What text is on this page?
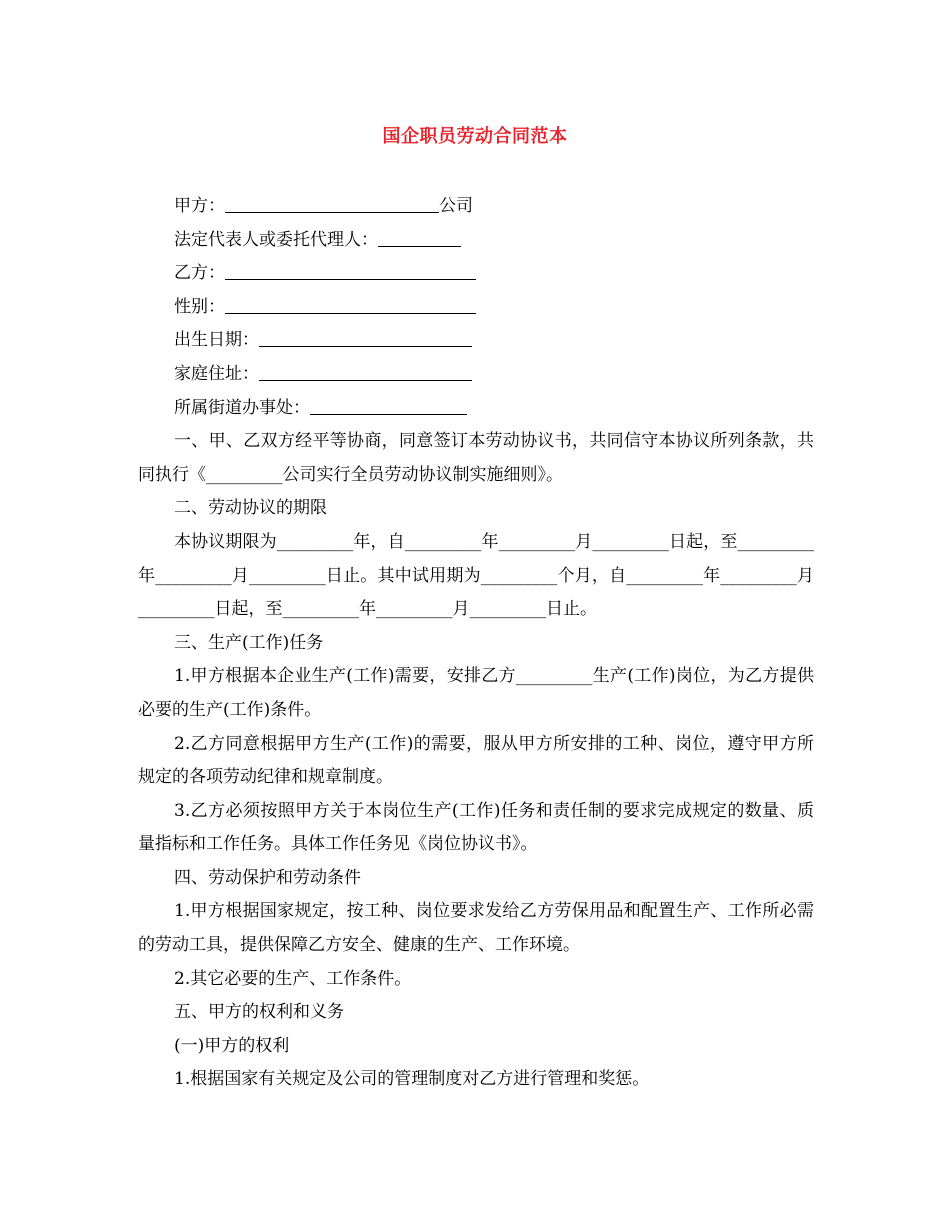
国企职员劳动合同范本

甲方：	公司

法定代表人或委托代理人：

乙方：

性别：

出生日期：

家庭住址：

所属街道办事处：

一、甲、乙双方经平等协商，同意签订本劳动协议书，共同信守本协议所列条款，共同执行《_________公司实行全员劳动协议制实施细则》。

二、劳动协议的期限

本协议期限为_________年，自_________年_________月_________日起，至_________年_________月_________日止。其中试用期为_________个月，自_________年_________月_________日起，至_________年_________月_________日止。

三、生产(工作)任务

1.甲方根据本企业生产(工作)需要，安排乙方_________生产(工作)岗位，为乙方提供必要的生产(工作)条件。

2.乙方同意根据甲方生产(工作)的需要，服从甲方所安排的工种、岗位，遵守甲方所规定的各项劳动纪律和规章制度。

3.乙方必须按照甲方关于本岗位生产(工作)任务和责任制的要求完成规定的数量、质量指标和工作任务。具体工作任务见《岗位协议书》。

四、劳动保护和劳动条件

1.甲方根据国家规定，按工种、岗位要求发给乙方劳保用品和配置生产、工作所必需的劳动工具，提供保障乙方安全、健康的生产、工作环境。

2.其它必要的生产、工作条件。

五、甲方的权利和义务

(一)甲方的权利

1.根据国家有关规定及公司的管理制度对乙方进行管理和奖惩。
